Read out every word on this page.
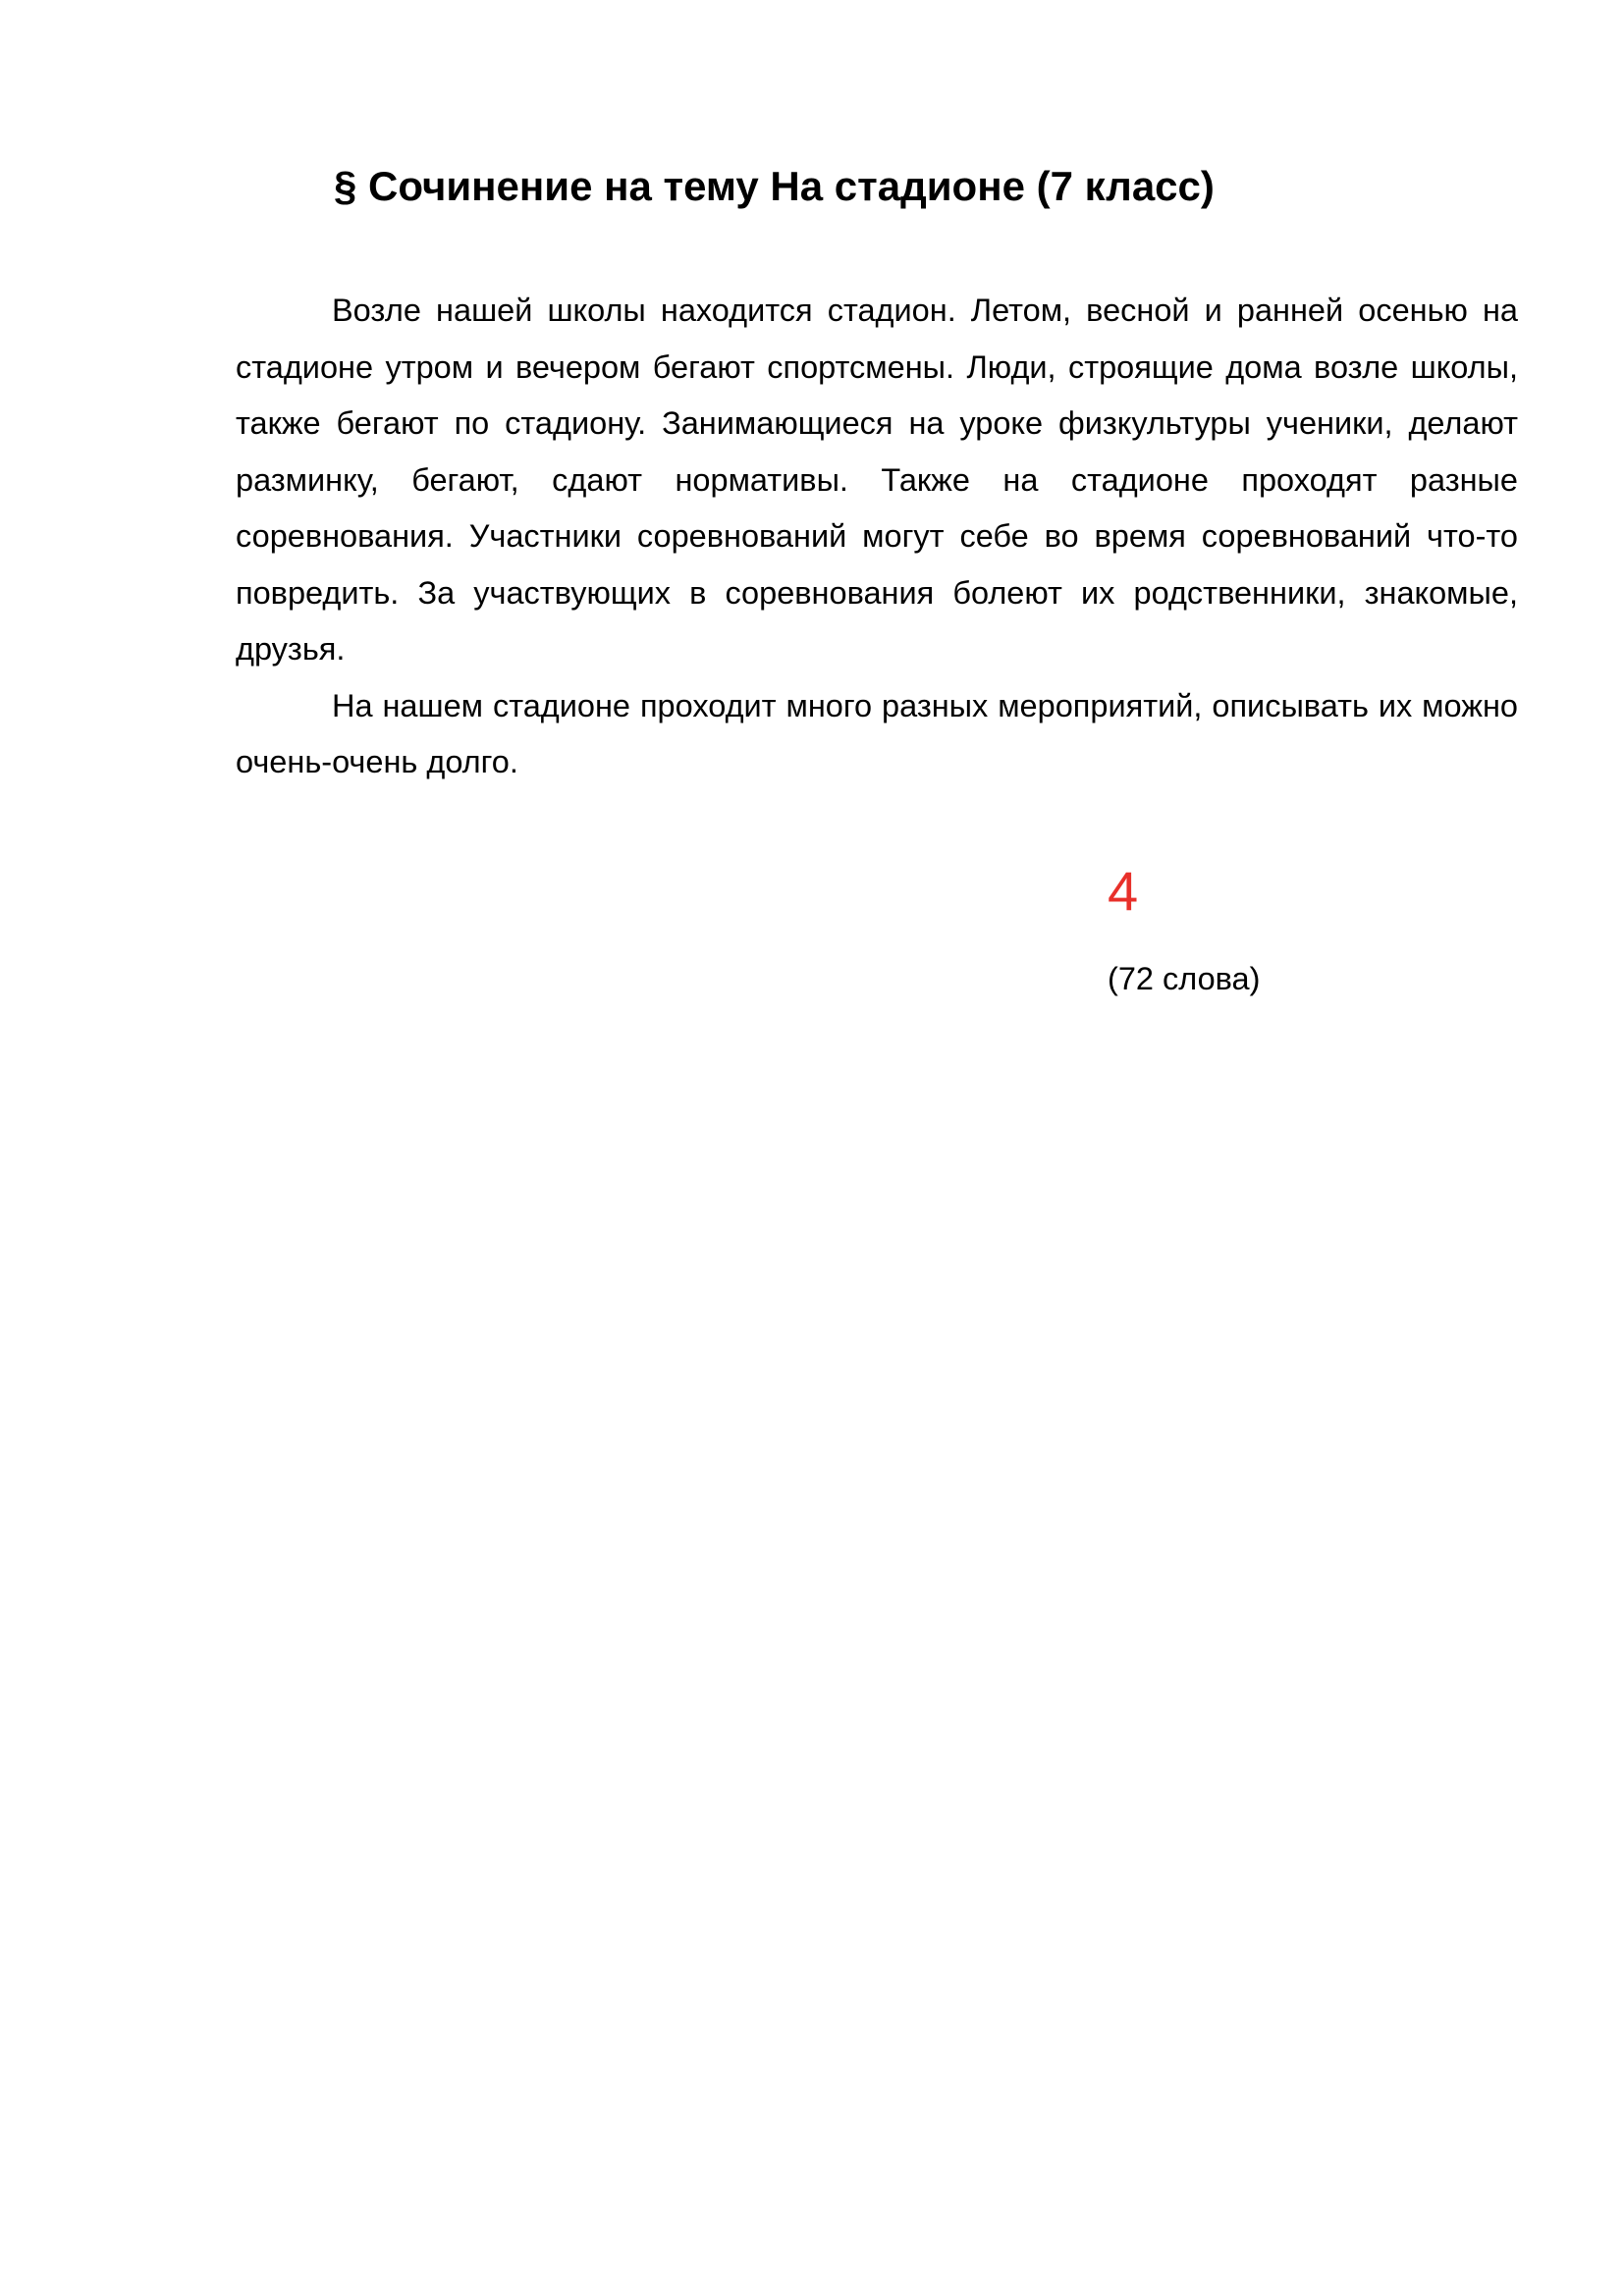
§ Сочинение на тему На стадионе (7 класс)

Возле нашей школы находится стадион. Летом, весной и ранней осенью на стадионе утром и вечером бегают спортсмены. Люди, строящие дома возле школы, также бегают по стадиону. Занимающиеся на уроке физкультуры ученики, делают разминку, бегают, сдают нормативы. Также на стадионе проходят разные соревнования. Участники соревнований могут себе во время соревнований что-то повредить. За участвующих в соревнования болеют их родственники, знакомые, друзья.

На нашем стадионе проходит много разных мероприятий, описывать их можно очень-очень долго.

4
(72 слова)
